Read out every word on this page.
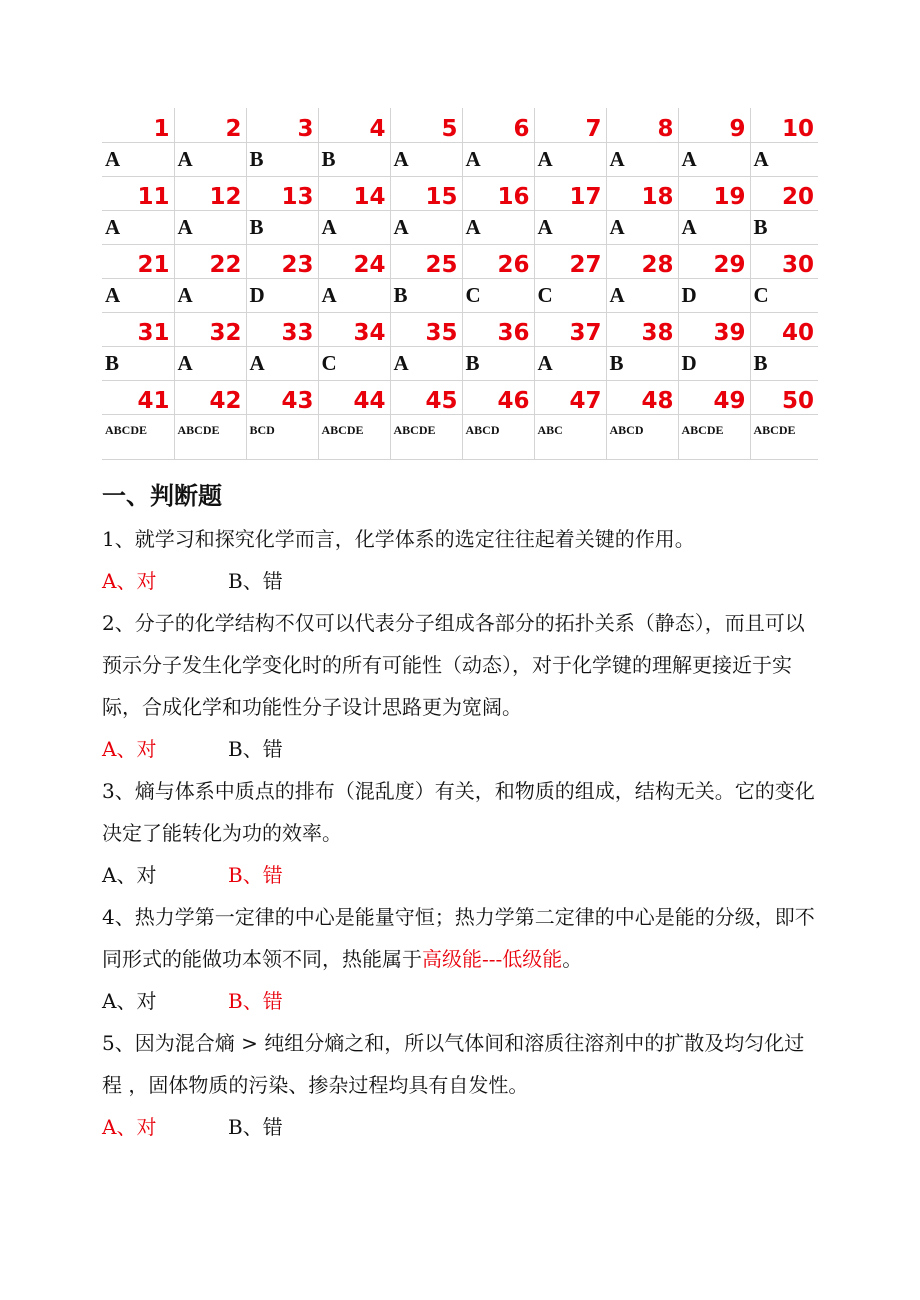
1	2	3	4	5	6	7	8	9	10
A	A	B	B	A	A	A	A	A	A
11	12	13	14	15	16	17	18	19	20
A	A	B	A	A	A	A	A	A	B
21	22	23	24	25	26	27	28	29	30
A	A	D	A	B	C	C	A	D	C
31	32	33	34	35	36	37	38	39	40
B	A	A	C	A	B	A	B	D	B
41	42	43	44	45	46	47	48	49	50
ABCDE	ABCDE	BCD	ABCDE	ABCDE	ABCD	ABC	ABCD	ABCDE	ABCDE
一、判断题

1、就学习和探究化学而言，化学体系的选定往往起着关键的作用。

A、对	B、错

2、分子的化学结构不仅可以代表分子组成各部分的拓扑关系（静态），而且可以预示分子发生化学变化时的所有可能性（动态），对于化学键的理解更接近于实际，合成化学和功能性分子设计思路更为宽阔。

A、对	B、错

3、熵与体系中质点的排布（混乱度）有关，和物质的组成，结构无关。它的变化决定了能转化为功的效率。

A、对	B、错

4、热力学第一定律的中心是能量守恒；热力学第二定律的中心是能的分级，即不同形式的能做功本领不同，热能属于高级能---低级能。

A、对	B、错

5、因为混合熵 > 纯组分熵之和，所以气体间和溶质往溶剂中的扩散及均匀化过程 ，固体物质的污染、掺杂过程均具有自发性。

A、对	B、错
